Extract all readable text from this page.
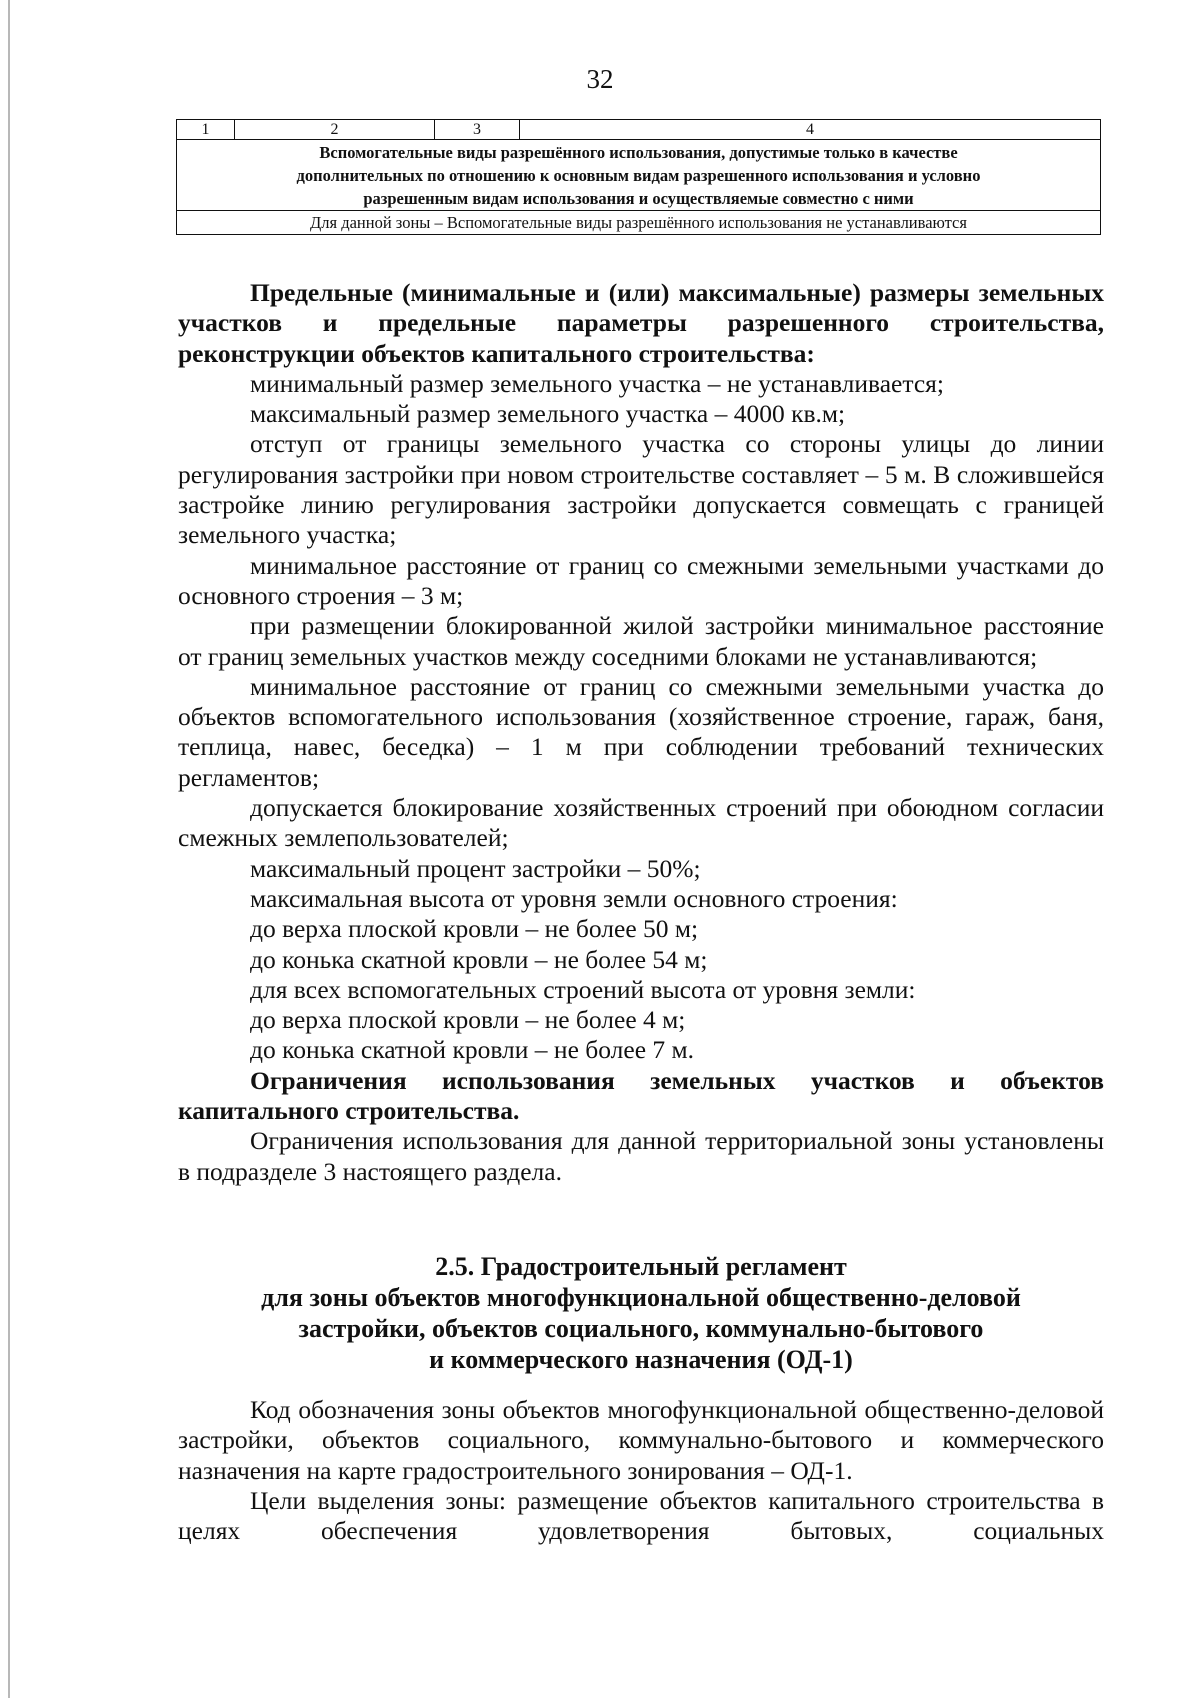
32
1	2	3	4

Вспомогательные виды разрешённого использования, допустимые только в качестве
дополнительных по отношению к основным видам разрешенного использования и условно
разрешенным видам использования и осуществляемые совместно с ними

Для данной зоны – Вспомогательные виды разрешённого использования не устанавливаются

Предельные (минимальные и (или) максимальные) размеры земельных участков и предельные параметры разрешенного строительства, реконструкции объектов капитального строительства:

минимальный размер земельного участка – не устанавливается;

максимальный размер земельного участка – 4000 кв.м;

отступ от границы земельного участка со стороны улицы до линии регулирования застройки при новом строительстве составляет – 5 м. В сложившейся застройке линию регулирования застройки допускается совмещать с границей земельного участка;

минимальное расстояние от границ со смежными земельными участками до основного строения – 3 м;

при размещении блокированной жилой застройки минимальное расстояние от границ земельных участков между соседними блоками не устанавливаются;

минимальное расстояние от границ со смежными земельными участка до объектов вспомогательного использования (хозяйственное строение, гараж, баня, теплица, навес, беседка) – 1 м при соблюдении требований технических регламентов;

допускается блокирование хозяйственных строений при обоюдном согласии смежных землепользователей;

максимальный процент застройки – 50%;

максимальная высота от уровня земли основного строения:

до верха плоской кровли – не более 50 м;

до конька скатной кровли – не более 54 м;

для всех вспомогательных строений высота от уровня земли:

до верха плоской кровли – не более 4 м;

до конька скатной кровли – не более 7 м.

Ограничения использования земельных участков и объектов капитального строительства.

Ограничения использования для данной территориальной зоны установлены в подразделе 3 настоящего раздела.

2.5. Градостроительный регламент
для зоны объектов многофункциональной общественно-деловой
застройки, объектов социального, коммунально-бытового
и коммерческого назначения (ОД-1)

Код обозначения зоны объектов многофункциональной общественно-деловой застройки, объектов социального, коммунально-бытового и коммерческого назначения на карте градостроительного зонирования – ОД-1.

Цели выделения зоны: размещение объектов капитального строительства в целях обеспечения удовлетворения бытовых, социальных
